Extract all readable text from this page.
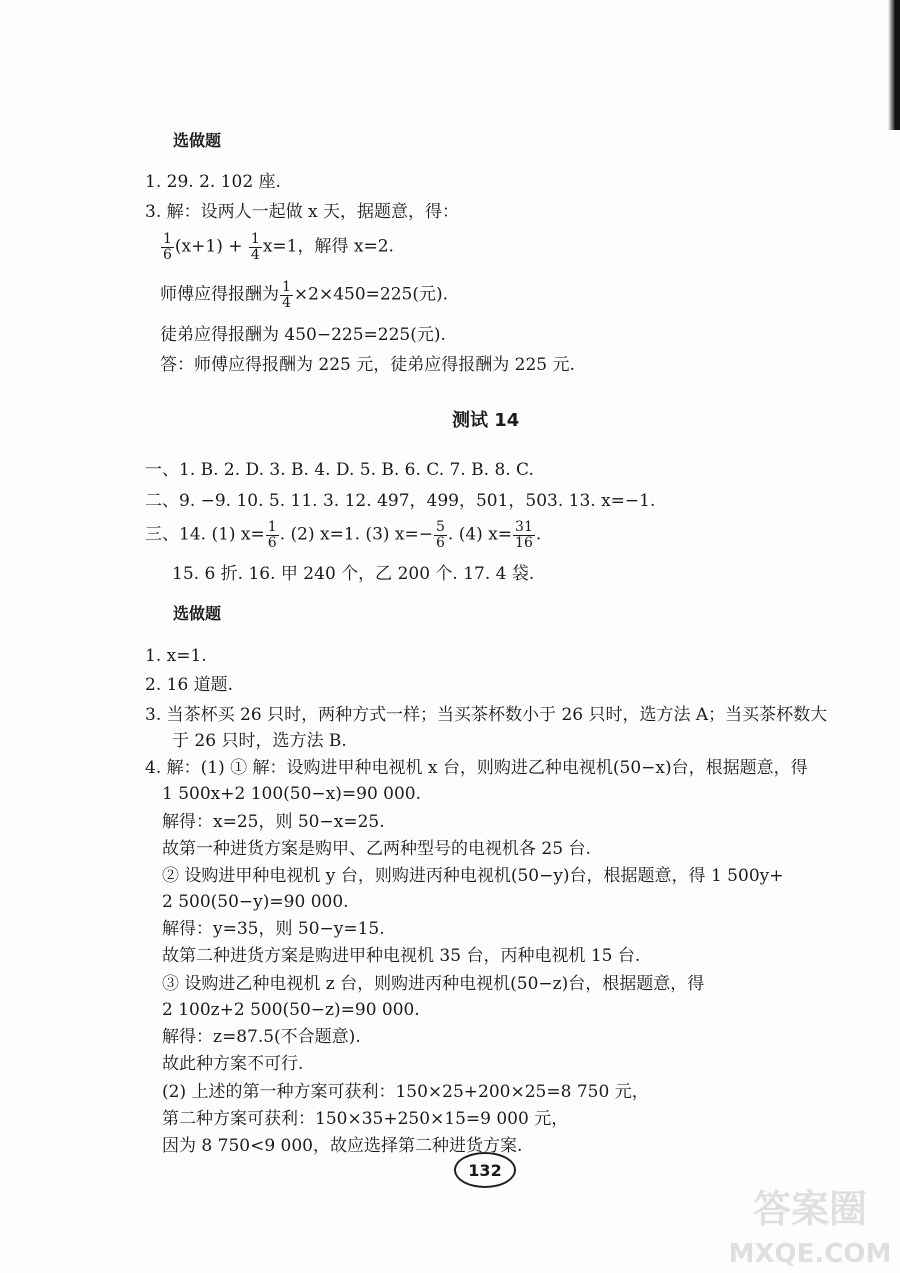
选做题
1. 29. 2. 102 座.
3. 解：设两人一起做 x 天，据题意，得：
$\frac{1}{6} (x+1) + \frac{1}{4} x=1$，解得 x=2.
师傅应得报酬为 $\frac{1}{4} \times 2\times 450=225$(元).
徒弟应得报酬为 450−225=225(元).
答：师傅应得报酬为 225 元，徒弟应得报酬为 225 元.
测试 14
一、1. B. 2. D. 3. B. 4. D. 5. B. 6. C. 7. B. 8. C.
二、9. −9. 10. 5. 11. 3. 12. 497，499，501，503. 13. x=−1.
三、14. (1) $x= \frac{1}{6}$ . (2) x=1. (3) $x=- \frac{5}{6}$ . (4) $x= \frac{31}{16}$ .
15. 6 折. 16. 甲 240 个，乙 200 个. 17. 4 袋.
选做题
1. x=1.
2. 16 道题.
3. 当茶杯买 26 只时，两种方式一样；当买茶杯数小于 26 只时，选方法 A；当买茶杯数大
于 26 只时，选方法 B.
4. 解：(1) ① 解：设购进甲种电视机 x 台，则购进乙种电视机(50−x)台，根据题意，得
1 500x+2 100(50−x)=90 000.
解得：x=25，则 50−x=25.
故第一种进货方案是购甲、乙两种型号的电视机各 25 台.
② 设购进甲种电视机 y 台，则购进丙种电视机(50−y)台，根据题意，得 1 500y+
2 500(50−y)=90 000.
解得：y=35，则 50−y=15.
故第二种进货方案是购进甲种电视机 35 台，丙种电视机 15 台.
③ 设购进乙种电视机 z 台，则购进丙种电视机(50−z)台，根据题意，得
2 100z+2 500(50−z)=90 000.
解得：z=87.5(不合题意).
故此种方案不可行.
(2) 上述的第一种方案可获利：150×25+200×25=8 750 元，
第二种方案可获利：150×35+250×15=9 000 元，
因为 8 750<9 000，故应选择第二种进货方案.
132
答案圈
MXQE.COM
